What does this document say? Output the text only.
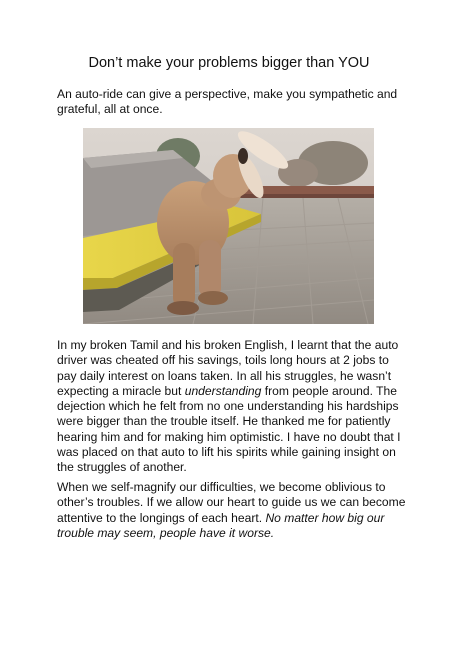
Don’t make your problems bigger than YOU

An auto-ride can give a perspective, make you sympathetic and grateful, all at once.

In my broken Tamil and his broken English, I learnt that the auto driver was cheated off his savings, toils long hours at 2 jobs to pay daily interest on loans taken. In all his struggles, he wasn’t expecting a miracle but understanding from people around. The dejection which he felt from no one understanding his hardships were bigger than the trouble itself. He thanked me for patiently hearing him and for making him optimistic. I have no doubt that I was placed on that auto to lift his spirits while gaining insight on the struggles of another.

When we self-magnify our difficulties, we become oblivious to other’s troubles. If we allow our heart to guide us we can become attentive to the longings of each heart. No matter how big our trouble may seem, people have it worse.
